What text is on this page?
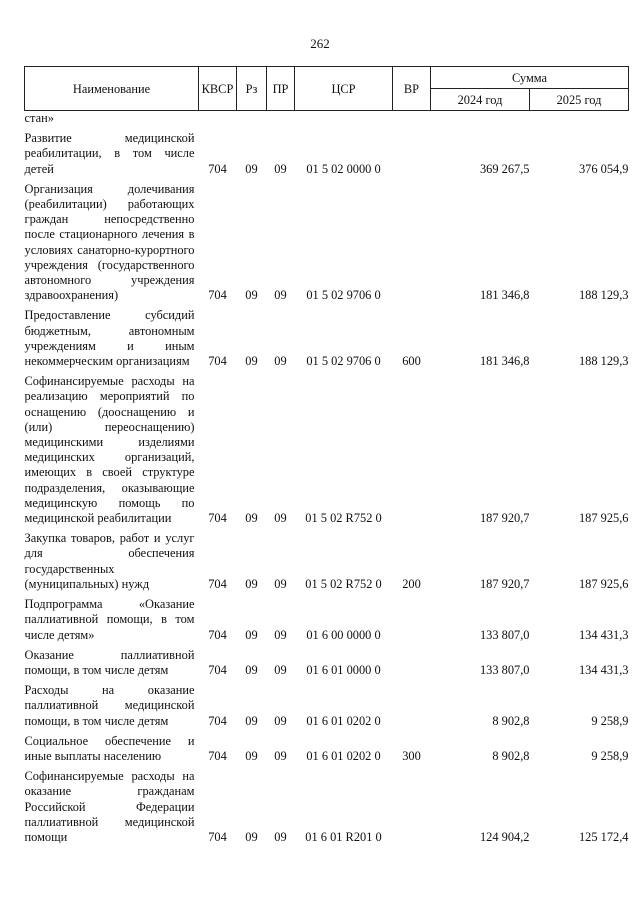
262
Наименование	КВСР	Рз	ПР	ЦСР	ВР	Сумма	
						2024 год	2025 год
стан»							
Развитие медицинской реабилитации, в том числе детей	704	09	09	01 5 02 0000 0		369 267,5	376 054,9
Организация долечивания (реабилитации) работающих граждан непосредственно после стационарного лечения в условиях санаторно-курортного учреждения (государственного автономного учреждения здравоохранения)	704	09	09	01 5 02 9706 0		181 346,8	188 129,3
Предоставление субсидий бюджетным, автономным учреждениям и иным некоммерческим организациям	704	09	09	01 5 02 9706 0	600	181 346,8	188 129,3
Софинансируемые расходы на реализацию мероприятий по оснащению (дооснащению и (или) переоснащению) медицинскими изделиями медицинских организаций, имеющих в своей структуре подразделения, оказывающие медицинскую помощь по медицинской реабилитации	704	09	09	01 5 02 R752 0		187 920,7	187 925,6
Закупка товаров, работ и услуг для обеспечения государственных (муниципальных) нужд	704	09	09	01 5 02 R752 0	200	187 920,7	187 925,6
Подпрограмма «Оказание паллиативной помощи, в том числе детям»	704	09	09	01 6 00 0000 0		133 807,0	134 431,3
Оказание паллиативной помощи, в том числе детям	704	09	09	01 6 01 0000 0		133 807,0	134 431,3
Расходы на оказание паллиативной медицинской помощи, в том числе детям	704	09	09	01 6 01 0202 0		8 902,8	9 258,9
Социальное обеспечение и иные выплаты населению	704	09	09	01 6 01 0202 0	300	8 902,8	9 258,9
Софинансируемые расходы на оказание гражданам Российской Федерации паллиативной медицинской помощи	704	09	09	01 6 01 R201 0		124 904,2	125 172,4
